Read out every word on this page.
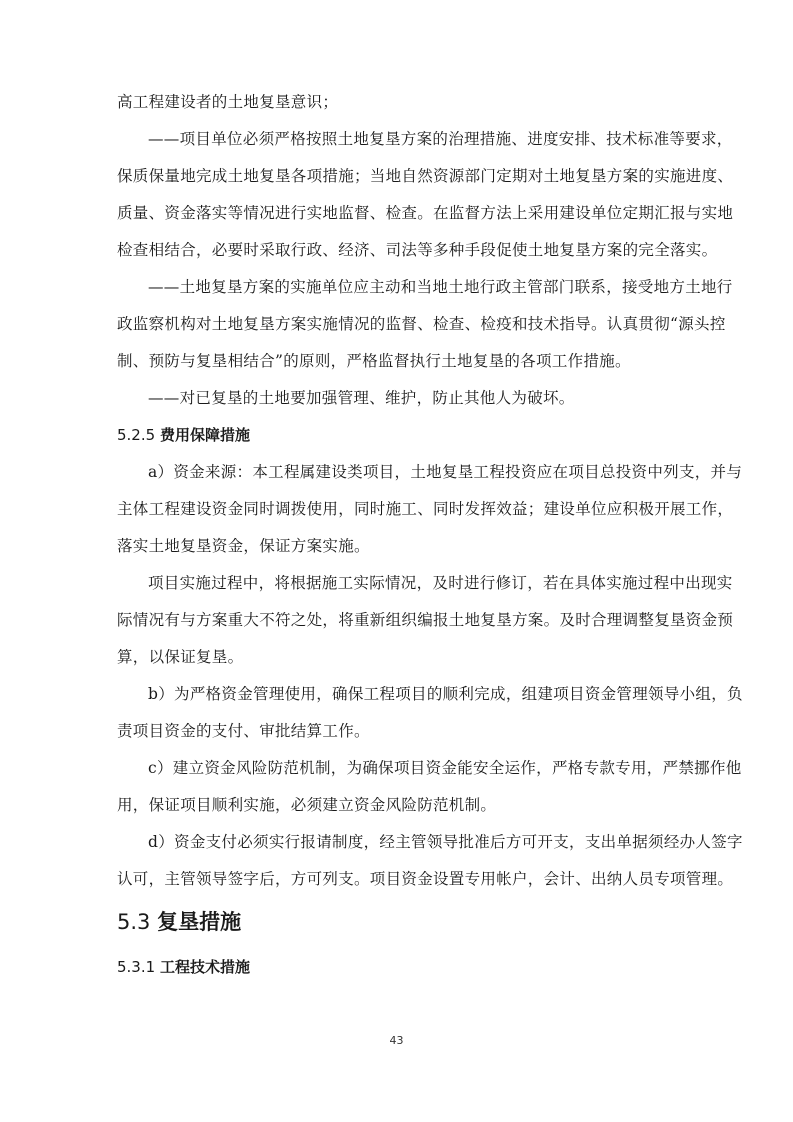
高工程建设者的土地复垦意识；
——项目单位必须严格按照土地复垦方案的治理措施、进度安排、技术标准等要求，
保质保量地完成土地复垦各项措施；当地自然资源部门定期对土地复垦方案的实施进度、
质量、资金落实等情况进行实地监督、检查。在监督方法上采用建设单位定期汇报与实地
检查相结合，必要时采取行政、经济、司法等多种手段促使土地复垦方案的完全落实。
——土地复垦方案的实施单位应主动和当地土地行政主管部门联系，接受地方土地行
政监察机构对土地复垦方案实施情况的监督、检查、检疫和技术指导。认真贯彻“源头控
制、预防与复垦相结合”的原则，严格监督执行土地复垦的各项工作措施。
——对已复垦的土地要加强管理、维护，防止其他人为破坏。
5.2.5 费用保障措施
a）资金来源：本工程属建设类项目，土地复垦工程投资应在项目总投资中列支，并与
主体工程建设资金同时调拨使用，同时施工、同时发挥效益；建设单位应积极开展工作，
落实土地复垦资金，保证方案实施。
项目实施过程中，将根据施工实际情况，及时进行修订，若在具体实施过程中出现实
际情况有与方案重大不符之处，将重新组织编报土地复垦方案。及时合理调整复垦资金预
算，以保证复垦。
b）为严格资金管理使用，确保工程项目的顺利完成，组建项目资金管理领导小组，负
责项目资金的支付、审批结算工作。
c）建立资金风险防范机制，为确保项目资金能安全运作，严格专款专用，严禁挪作他
用，保证项目顺利实施，必须建立资金风险防范机制。
d）资金支付必须实行报请制度，经主管领导批准后方可开支，支出单据须经办人签字
认可，主管领导签字后，方可列支。项目资金设置专用帐户，会计、出纳人员专项管理。
5.3 复垦措施
5.3.1 工程技术措施
43
